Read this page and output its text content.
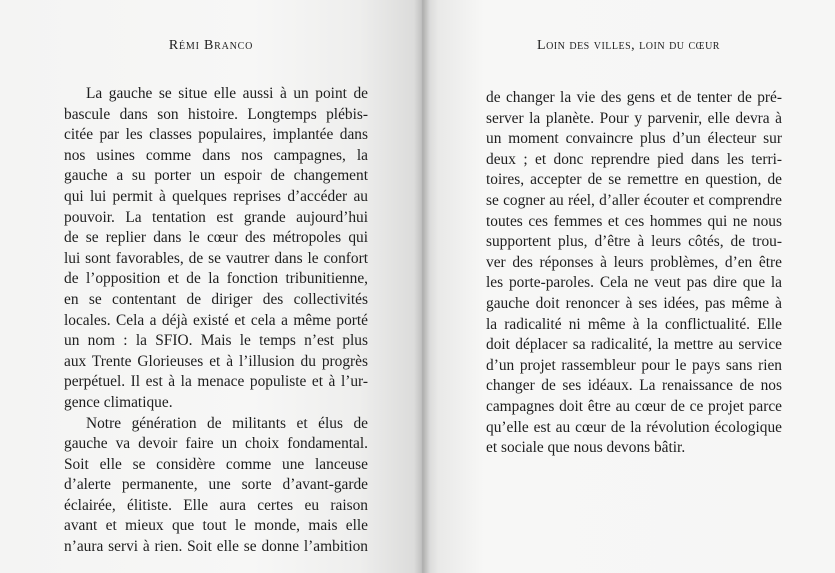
Rémi Branco
La gauche se situe elle aussi à un point de
bascule dans son histoire. Longtemps plébis-
citée par les classes populaires, implantée dans
nos usines comme dans nos campagnes, la
gauche a su porter un espoir de changement
qui lui permit à quelques reprises d’accéder au
pouvoir. La tentation est grande aujourd’hui
de se replier dans le cœur des métropoles qui
lui sont favorables, de se vautrer dans le confort
de l’opposition et de la fonction tribunitienne,
en se contentant de diriger des collectivités
locales. Cela a déjà existé et cela a même porté
un nom : la SFIO. Mais le temps n’est plus
aux Trente Glorieuses et à l’illusion du progrès
perpétuel. Il est à la menace populiste et à l’ur-
gence climatique.
Notre génération de militants et élus de
gauche va devoir faire un choix fondamental.
Soit elle se considère comme une lanceuse
d’alerte permanente, une sorte d’avant-garde
éclairée, élitiste. Elle aura certes eu raison
avant et mieux que tout le monde, mais elle
n’aura servi à rien. Soit elle se donne l’ambition
Loin des villes, loin du cœur
de changer la vie des gens et de tenter de pré-
server la planète. Pour y parvenir, elle devra à
un moment convaincre plus d’un électeur sur
deux ; et donc reprendre pied dans les terri-
toires, accepter de se remettre en question, de
se cogner au réel, d’aller écouter et comprendre
toutes ces femmes et ces hommes qui ne nous
supportent plus, d’être à leurs côtés, de trou-
ver des réponses à leurs problèmes, d’en être
les porte-paroles. Cela ne veut pas dire que la
gauche doit renoncer à ses idées, pas même à
la radicalité ni même à la conflictualité. Elle
doit déplacer sa radicalité, la mettre au service
d’un projet rassembleur pour le pays sans rien
changer de ses idéaux. La renaissance de nos
campagnes doit être au cœur de ce projet parce
qu’elle est au cœur de la révolution écologique
et sociale que nous devons bâtir.
